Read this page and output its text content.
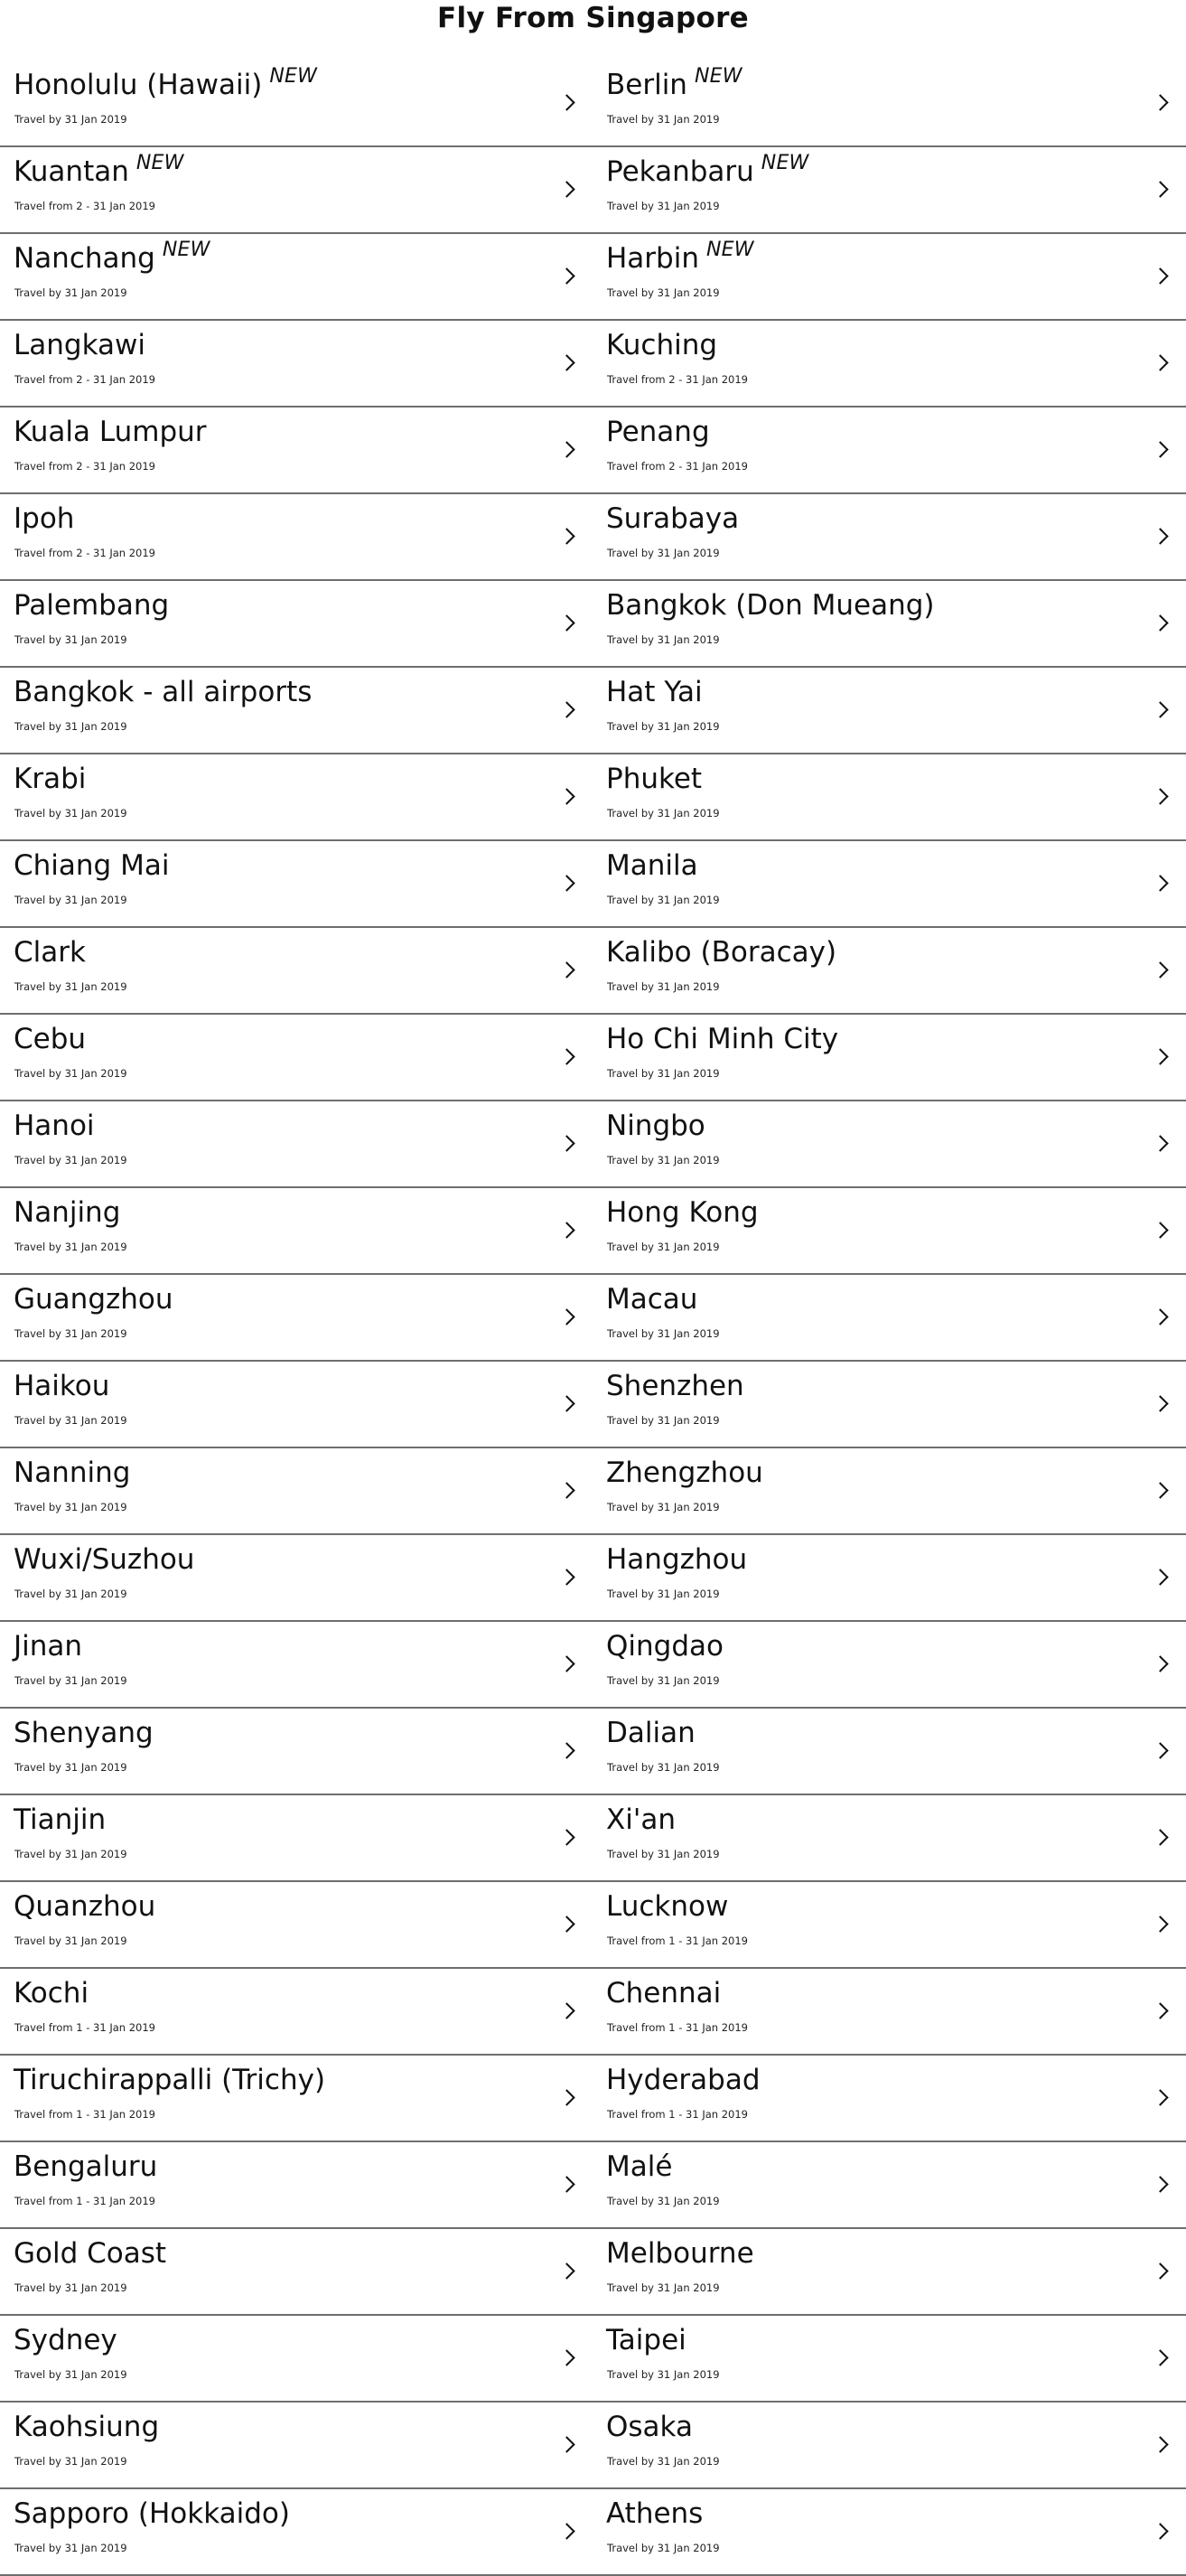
Fly From Singapore
Honolulu (Hawaii) $^{NEW}$
Travel by 31 Jan 2019
Berlin $^{NEW}$
Travel by 31 Jan 2019
Kuantan $^{NEW}$
Travel from 2 - 31 Jan 2019
Pekanbaru $^{NEW}$
Travel by 31 Jan 2019
Nanchang $^{NEW}$
Travel by 31 Jan 2019
Harbin $^{NEW}$
Travel by 31 Jan 2019
Langkawi
Travel from 2 - 31 Jan 2019
Kuching
Travel from 2 - 31 Jan 2019
Kuala Lumpur
Travel from 2 - 31 Jan 2019
Penang
Travel from 2 - 31 Jan 2019
Ipoh
Travel from 2 - 31 Jan 2019
Surabaya
Travel by 31 Jan 2019
Palembang
Travel by 31 Jan 2019
Bangkok (Don Mueang)
Travel by 31 Jan 2019
Bangkok - all airports
Travel by 31 Jan 2019
Hat Yai
Travel by 31 Jan 2019
Krabi
Travel by 31 Jan 2019
Phuket
Travel by 31 Jan 2019
Chiang Mai
Travel by 31 Jan 2019
Manila
Travel by 31 Jan 2019
Clark
Travel by 31 Jan 2019
Kalibo (Boracay)
Travel by 31 Jan 2019
Cebu
Travel by 31 Jan 2019
Ho Chi Minh City
Travel by 31 Jan 2019
Hanoi
Travel by 31 Jan 2019
Ningbo
Travel by 31 Jan 2019
Nanjing
Travel by 31 Jan 2019
Hong Kong
Travel by 31 Jan 2019
Guangzhou
Travel by 31 Jan 2019
Macau
Travel by 31 Jan 2019
Haikou
Travel by 31 Jan 2019
Shenzhen
Travel by 31 Jan 2019
Nanning
Travel by 31 Jan 2019
Zhengzhou
Travel by 31 Jan 2019
Wuxi/Suzhou
Travel by 31 Jan 2019
Hangzhou
Travel by 31 Jan 2019
Jinan
Travel by 31 Jan 2019
Qingdao
Travel by 31 Jan 2019
Shenyang
Travel by 31 Jan 2019
Dalian
Travel by 31 Jan 2019
Tianjin
Travel by 31 Jan 2019
Xi'an
Travel by 31 Jan 2019
Quanzhou
Travel by 31 Jan 2019
Lucknow
Travel from 1 - 31 Jan 2019
Kochi
Travel from 1 - 31 Jan 2019
Chennai
Travel from 1 - 31 Jan 2019
Tiruchirappalli (Trichy)
Travel from 1 - 31 Jan 2019
Hyderabad
Travel from 1 - 31 Jan 2019
Bengaluru
Travel from 1 - 31 Jan 2019
Malé
Travel by 31 Jan 2019
Gold Coast
Travel by 31 Jan 2019
Melbourne
Travel by 31 Jan 2019
Sydney
Travel by 31 Jan 2019
Taipei
Travel by 31 Jan 2019
Kaohsiung
Travel by 31 Jan 2019
Osaka
Travel by 31 Jan 2019
Sapporo (Hokkaido)
Travel by 31 Jan 2019
Athens
Travel by 31 Jan 2019
